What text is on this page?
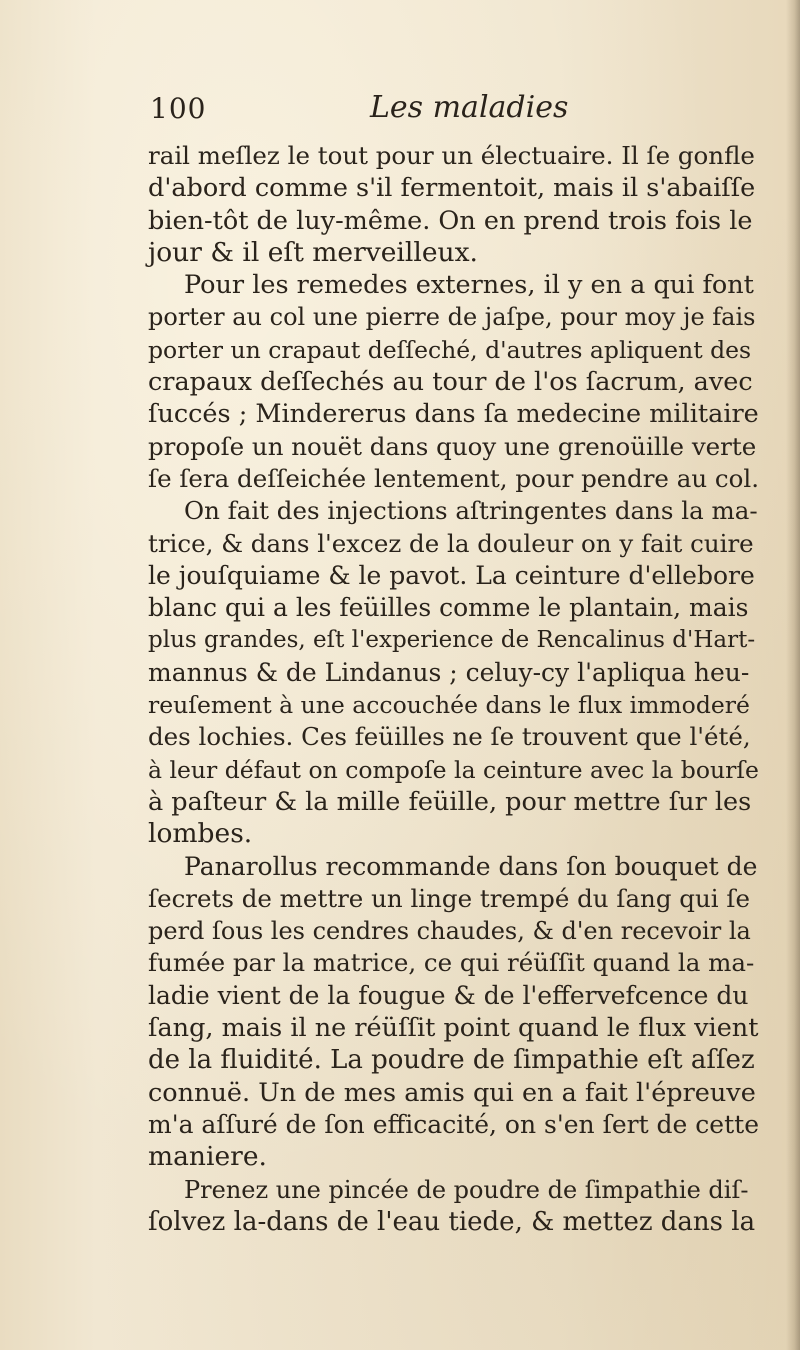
100	Les maladies
rail meſlez le tout pour un électuaire. Il ſe gonfle
d'abord comme s'il fermentoit, mais il s'abaiſſe
bien-tôt de luy-même. On en prend trois fois le
jour & il eſt merveilleux.
Pour les remedes externes, il y en a qui font
porter au col une pierre de jaſpe, pour moy je fais
porter un crapaut deſſeché, d'autres apliquent des
crapaux deſſechés au tour de l'os ſacrum, avec
ſuccés ; Mindererus dans ſa medecine militaire
propoſe un nouët dans quoy une grenoüille verte
ſe ſera deſſeichée lentement, pour pendre au col.
On fait des injections aſtringentes dans la ma-
trice, & dans l'excez de la douleur on y fait cuire
le jouſquiame & le pavot. La ceinture d'ellebore
blanc qui a les feüilles comme le plantain, mais
plus grandes, eſt l'experience de Rencalinus d'Hart-
mannus & de Lindanus ; celuy-cy l'apliqua heu-
reuſement à une accouchée dans le flux immoderé
des lochies. Ces feüilles ne ſe trouvent que l'été,
à leur défaut on compoſe la ceinture avec la bourſe
à paſteur & la mille feüille, pour mettre ſur les
lombes.
Panarollus recommande dans ſon bouquet de
ſecrets de mettre un linge trempé du ſang qui ſe
perd ſous les cendres chaudes, & d'en recevoir la
fumée par la matrice, ce qui réüſſit quand la ma-
ladie vient de la fougue & de l'effervefcence du
ſang, mais il ne réüſſit point quand le flux vient
de la fluidité. La poudre de ſimpathie eſt aſſez
connuë. Un de mes amis qui en a fait l'épreuve
m'a aſſuré de ſon efficacité, on s'en ſert de cette
maniere.
Prenez une pincée de poudre de ſimpathie diſ-
ſolvez la-dans de l'eau tiede, & mettez dans la
